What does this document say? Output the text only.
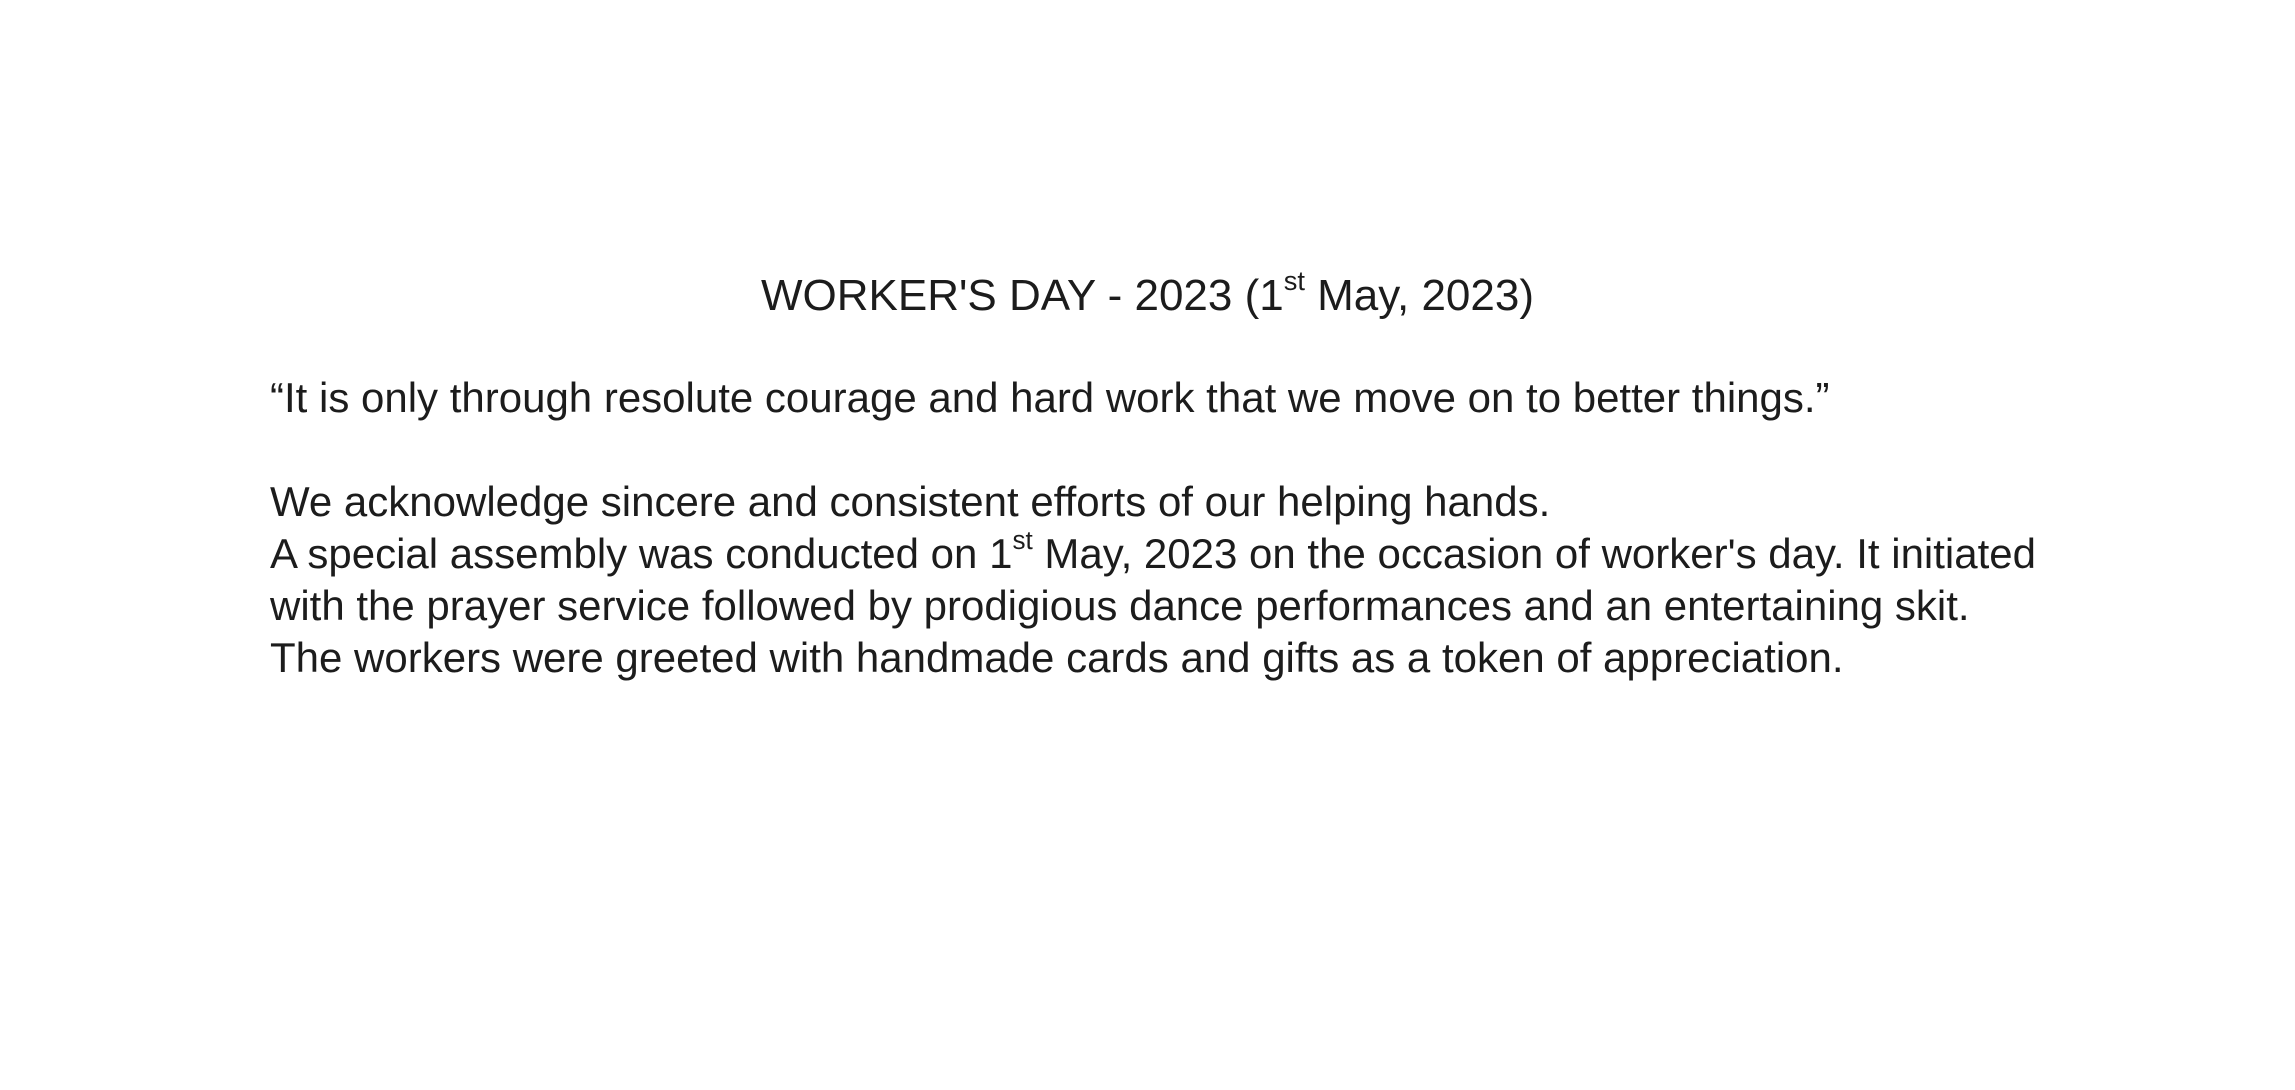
WORKER'S DAY - 2023 (1st May, 2023)

“It is only through resolute courage and hard work that we move on to better things.”

We acknowledge sincere and consistent efforts of our helping hands.

A special assembly was conducted on 1st May, 2023 on the occasion of worker's day. It initiated with the prayer service followed by prodigious dance performances and an entertaining skit. The workers were greeted with handmade cards and gifts as a token of appreciation.
